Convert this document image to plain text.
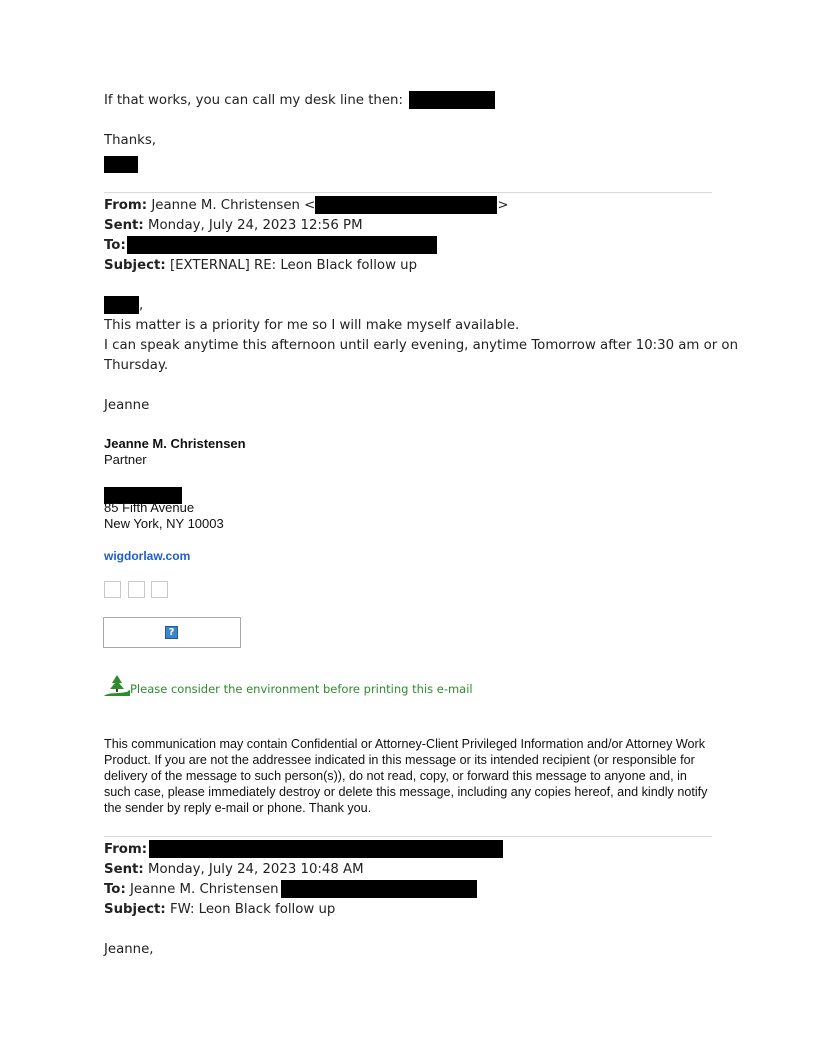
If that works, you can call my desk line then:
Thanks,
From: Jeanne M. Christensen <	>
Sent: Monday, July 24, 2023 12:56 PM
To:
Subject: [EXTERNAL] RE: Leon Black follow up
,
This matter is a priority for me so I will make myself available.
I can speak anytime this afternoon until early evening, anytime Tomorrow after 10:30 am or on
Thursday.
Jeanne
Jeanne M. Christensen
Partner
85 Fifth Avenue
New York, NY 10003
wigdorlaw.com
?
Please consider the environment before printing this e-mail
This communication may contain Confidential or Attorney-Client Privileged Information and/or Attorney Work Product. If you are not the addressee indicated in this message or its intended recipient (or responsible for delivery of the message to such person(s)), do not read, copy, or forward this message to anyone and, in such case, please immediately destroy or delete this message, including any copies hereof, and kindly notify the sender by reply e-mail or phone. Thank you.
From:
Sent: Monday, July 24, 2023 10:48 AM
To: Jeanne M. Christensen
Subject: FW: Leon Black follow up
Jeanne,
